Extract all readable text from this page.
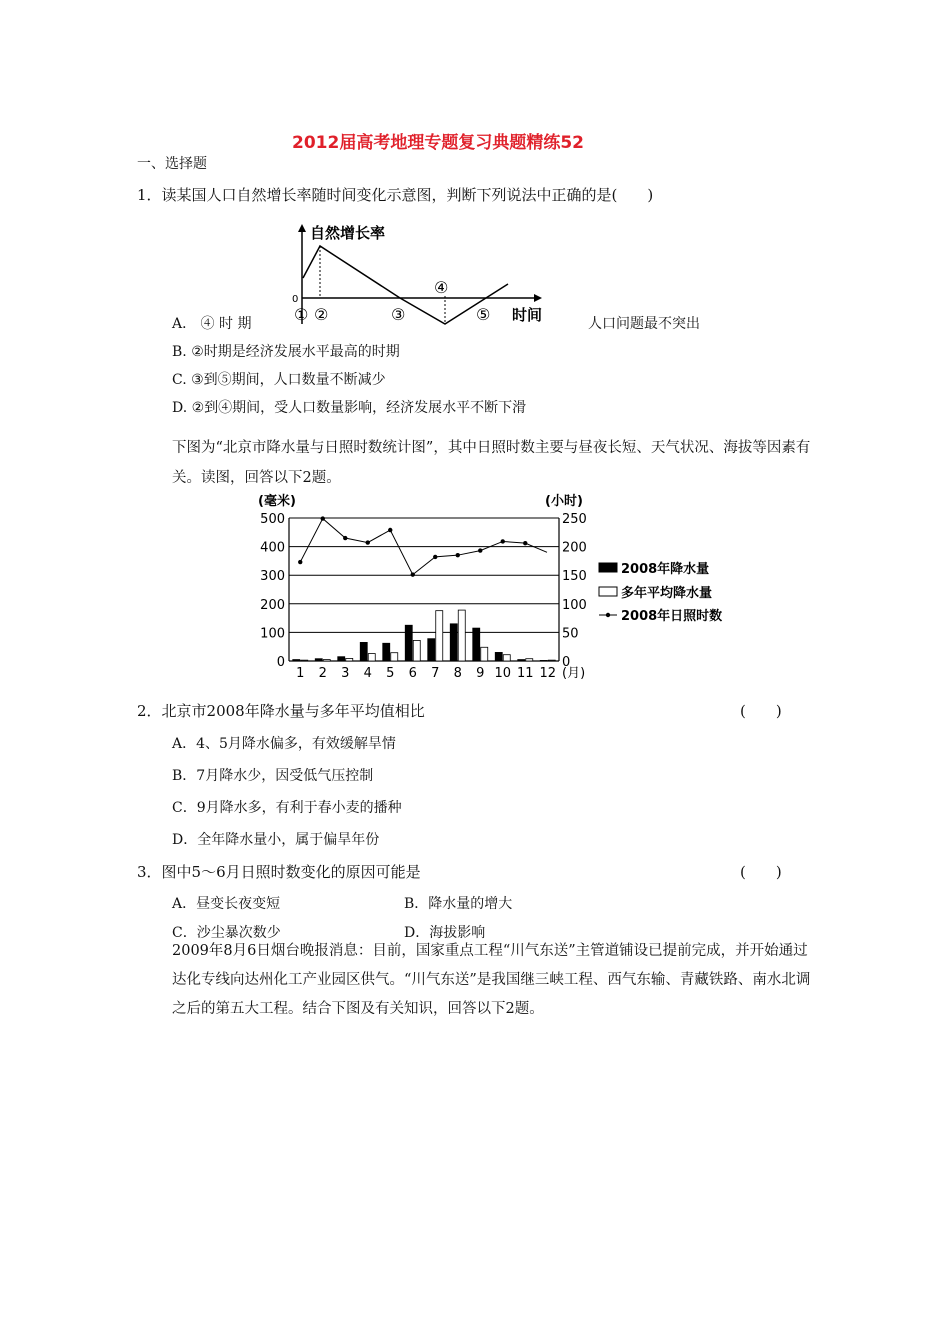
2012届高考地理专题复习典题精练52
一、选择题
1．读某国人口自然增长率随时间变化示意图，判断下列说法中正确的是(　　)
自然增长率
0
① ②	③
④
⑤ 时间
A． ④ 时 期	人口问题最不突出
B. ②时期是经济发展水平最高的时期
C. ③到⑤期间，人口数量不断减少
D. ②到④期间，受人口数量影响，经济发展水平不断下滑
下图为“北京市降水量与日照时数统计图”，其中日照时数主要与昼夜长短、天气状况、海拔等因素有关。读图，回答以下2题。
0
100
200
300
400
500
0
50
100
150
200
250
(毫米)	(小时)
1 2 3 4 5 6 7 8 9 10 11 12 (月)
2008年降水量
多年平均降水量
2008年日照时数
2．北京市2008年降水量与多年平均值相比	(　　)
A．4、5月降水偏多，有效缓解旱情
B．7月降水少，因受低气压控制
C．9月降水多，有利于春小麦的播种
D．全年降水量小，属于偏旱年份
3．图中5～6月日照时数变化的原因可能是	(　　)
A．昼变长夜变短	B．降水量的增大
C．沙尘暴次数少	D．海拔影响
2009年8月6日烟台晚报消息：目前，国家重点工程“川气东送”主管道铺设已提前完成，并开始通过达化专线向达州化工产业园区供气。“川气东送”是我国继三峡工程、西气东输、青藏铁路、南水北调之后的第五大工程。结合下图及有关知识，回答以下2题。
